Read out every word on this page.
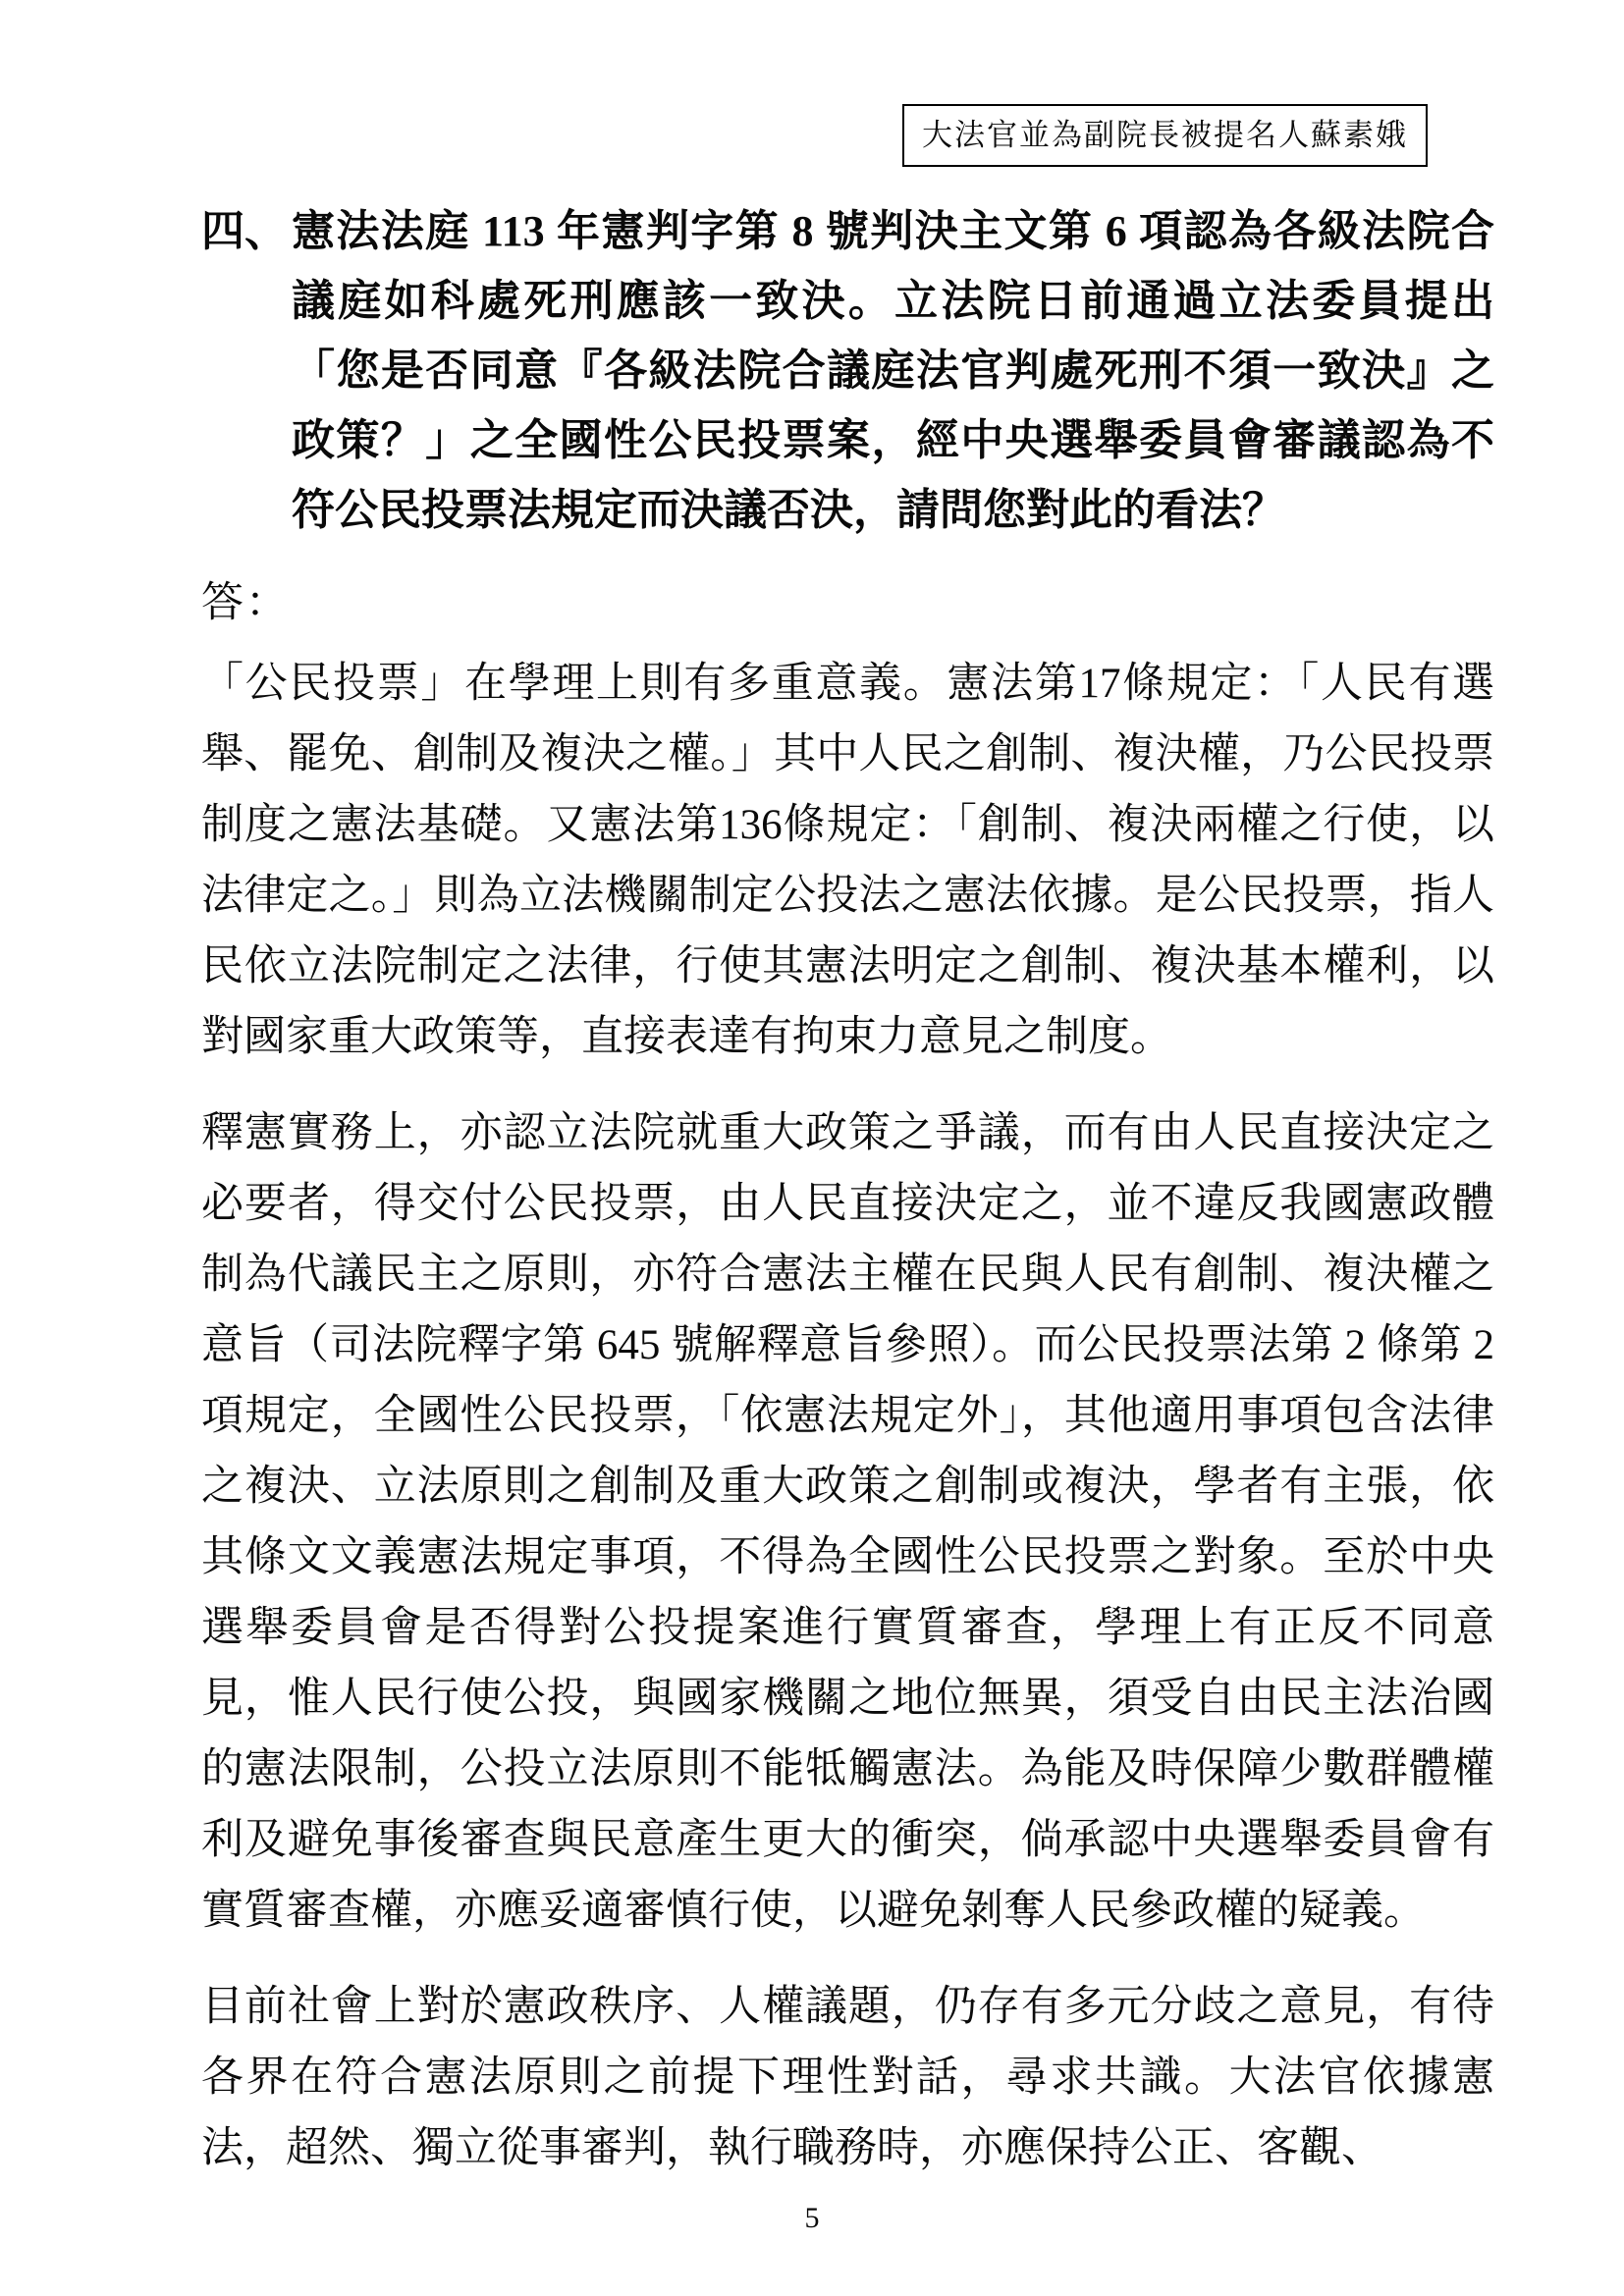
大法官並為副院長被提名人蘇素娥
四、 憲法法庭 113 年憲判字第 8 號判決主文第 6 項認為各級法院合議庭如科處死刑應該一致決。立法院日前通過立法委員提出「您是否同意『各級法院合議庭法官判處死刑不須一致決』之政策？」之全國性公民投票案，經中央選舉委員會審議認為不符公民投票法規定而決議否決，請問您對此的看法？

答：

「公民投票」在學理上則有多重意義。憲法第17條規定：「人民有選舉、罷免、創制及複決之權。」其中人民之創制、複決權，乃公民投票制度之憲法基礎。又憲法第136條規定：「創制、複決兩權之行使，以法律定之。」則為立法機關制定公投法之憲法依據。是公民投票，指人民依立法院制定之法律，行使其憲法明定之創制、複決基本權利，以對國家重大政策等，直接表達有拘束力意見之制度。

釋憲實務上，亦認立法院就重大政策之爭議，而有由人民直接決定之必要者，得交付公民投票，由人民直接決定之，並不違反我國憲政體制為代議民主之原則，亦符合憲法主權在民與人民有創制、複決權之意旨（司法院釋字第 645 號解釋意旨參照）。而公民投票法第 2 條第 2 項規定，全國性公民投票，「依憲法規定外」，其他適用事項包含法律之複決、立法原則之創制及重大政策之創制或複決，學者有主張，依其條文文義憲法規定事項，不得為全國性公民投票之對象。至於中央選舉委員會是否得對公投提案進行實質審查，學理上有正反不同意見，惟人民行使公投，與國家機關之地位無異，須受自由民主法治國的憲法限制，公投立法原則不能牴觸憲法。為能及時保障少數群體權利及避免事後審查與民意產生更大的衝突，倘承認中央選舉委員會有實質審查權，亦應妥適審慎行使，以避免剝奪人民參政權的疑義。

目前社會上對於憲政秩序、人權議題，仍存有多元分歧之意見，有待各界在符合憲法原則之前提下理性對話，尋求共識。大法官依據憲法，超然、獨立從事審判，執行職務時，亦應保持公正、客觀、

5
